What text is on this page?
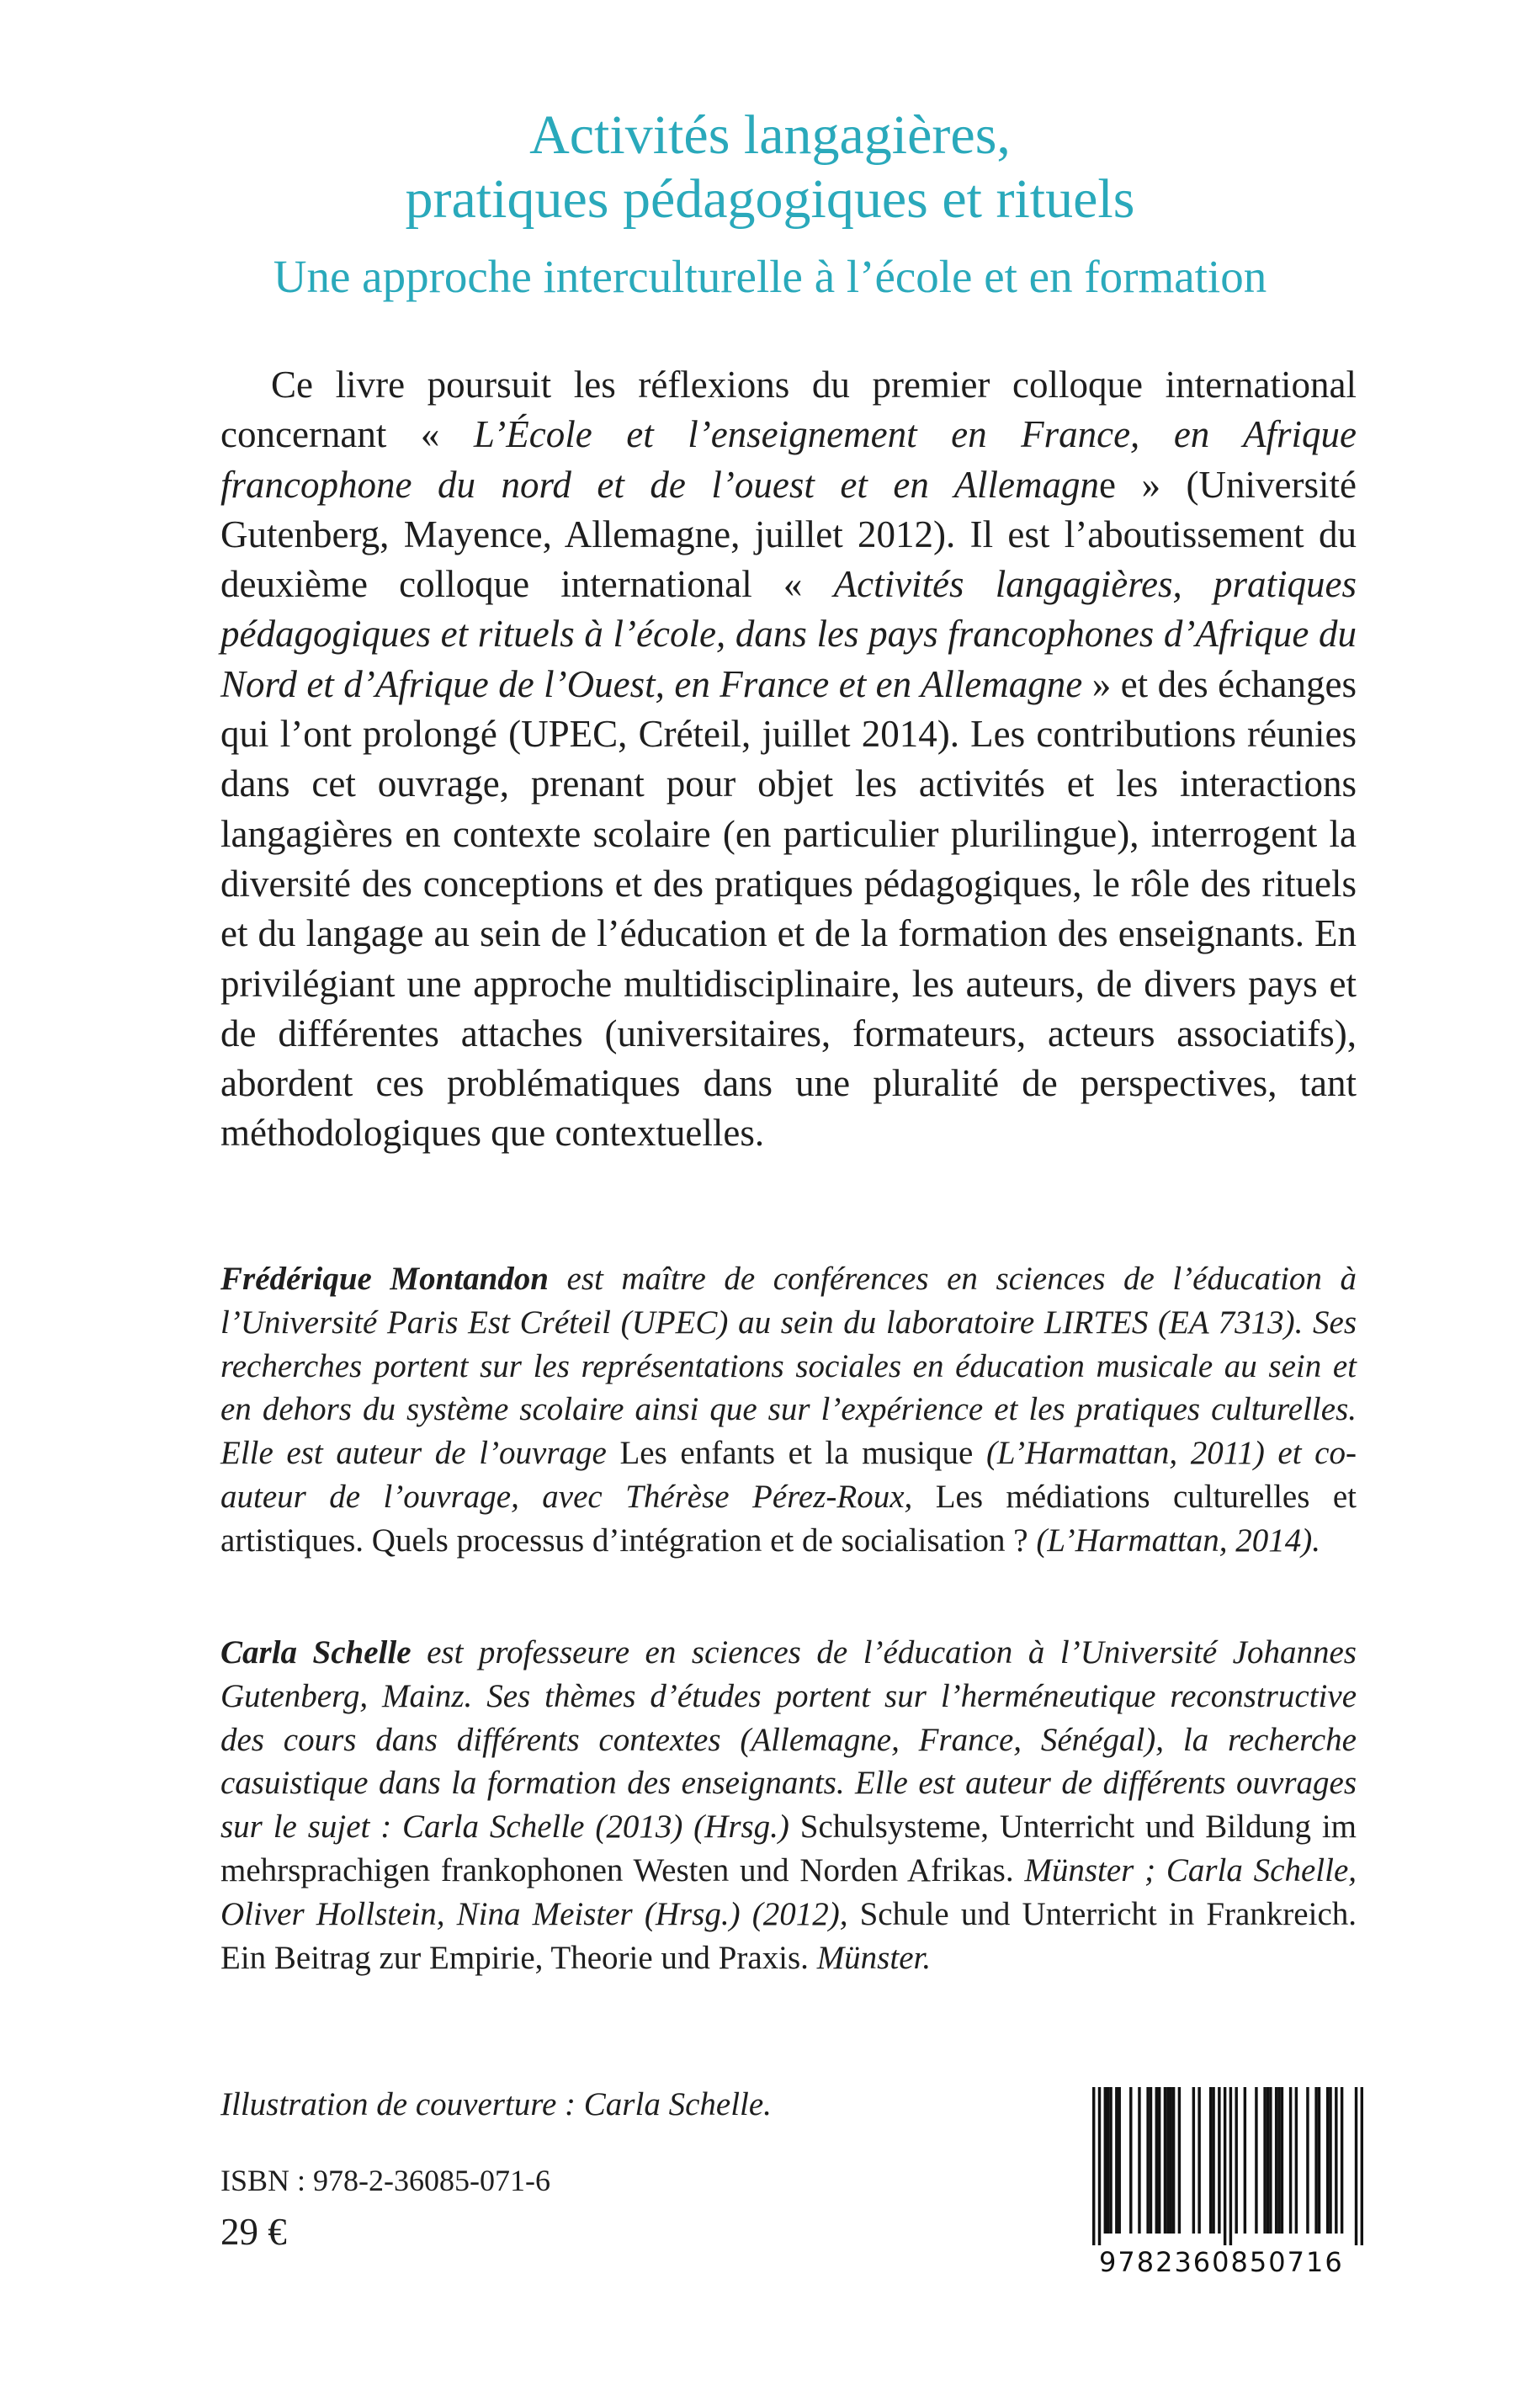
Activités langagières,
pratiques pédagogiques et rituels
Une approche interculturelle à l’école et en formation

Ce livre poursuit les réflexions du premier colloque international concernant « L’École et l’enseignement en France, en Afrique francophone du nord et de l’ouest et en Allemagne » (Université Gutenberg, Mayence, Allemagne, juillet 2012). Il est l’aboutissement du deuxième colloque international « Activités langagières, pratiques pédagogiques et rituels à l’école, dans les pays francophones d’Afrique du Nord et d’Afrique de l’Ouest, en France et en Allemagne » et des échanges qui l’ont prolongé (UPEC, Créteil, juillet 2014). Les contributions réunies dans cet ouvrage, prenant pour objet les activités et les interactions langagières en contexte scolaire (en particulier plurilingue), interrogent la diversité des conceptions et des pratiques pédagogiques, le rôle des rituels et du langage au sein de l’éducation et de la formation des enseignants. En privilégiant une approche multidisciplinaire, les auteurs, de divers pays et de différentes attaches (universitaires, formateurs, acteurs associatifs), abordent ces problématiques dans une pluralité de perspectives, tant méthodologiques que contextuelles.

Frédérique Montandon est maître de conférences en sciences de l’éducation à l’Université Paris Est Créteil (UPEC) au sein du laboratoire LIRTES (EA 7313). Ses recherches portent sur les représentations sociales en éducation musicale au sein et en dehors du système scolaire ainsi que sur l’expérience et les pratiques culturelles. Elle est auteur de l’ouvrage Les enfants et la musique (L’Harmattan, 2011) et co-auteur de l’ouvrage, avec Thérèse Pérez-Roux, Les médiations culturelles et artistiques. Quels processus d’intégration et de socialisation ? (L’Harmattan, 2014).

Carla Schelle est professeure en sciences de l’éducation à l’Université Johannes Gutenberg, Mainz. Ses thèmes d’études portent sur l’herméneutique reconstructive des cours dans différents contextes (Allemagne, France, Sénégal), la recherche casuistique dans la formation des enseignants. Elle est auteur de différents ouvrages sur le sujet : Carla Schelle (2013) (Hrsg.) Schulsysteme, Unterricht und Bildung im mehrsprachigen frankophonen Westen und Norden Afrikas. Münster ; Carla Schelle, Oliver Hollstein, Nina Meister (Hrsg.) (2012), Schule und Unterricht in Frankreich. Ein Beitrag zur Empirie, Theorie und Praxis. Münster.

Illustration de couverture : Carla Schelle.

ISBN : 978-2-36085-071-6

29 €

9782360850716
